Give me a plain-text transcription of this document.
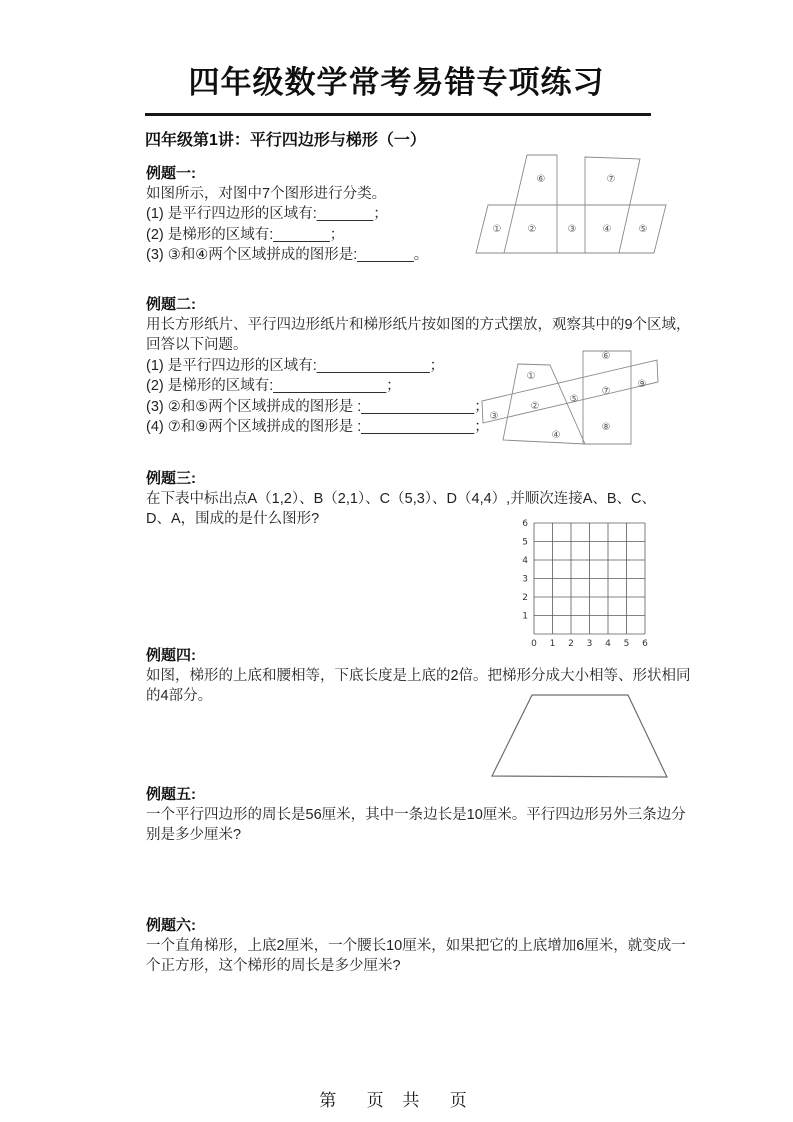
四年级数学常考易错专项练习
四年级第1讲：平行四边形与梯形（一）
例题一:
如图所示，对图中7个图形进行分类。
(1) 是平行四边形的区域有:_______；
(2) 是梯形的区域有:_______；
(3) ③和④两个区域拼成的图形是:_______。
①	②	③	④	⑤
⑥	⑦
例题二:
用长方形纸片、平行四边形纸片和梯形纸片按如图的方式摆放，观察其中的9个区域，
回答以下问题。
(1) 是平行四边形的区域有:______________；
(2) 是梯形的区域有:______________；
(3) ②和⑤两个区域拼成的图形是 :______________；
(4) ⑦和⑨两个区域拼成的图形是 :______________；
①
②
③
④
⑤
⑥
⑦
⑧
⑨
例题三:
在下表中标出点A（1,2）、B（2,1）、C（5,3）、D（4,4）,并顺次连接A、B、C、
D、A，围成的是什么图形?	6
5
4
3
2
1
0 1 2 3 4 5 6
例题四:
如图，梯形的上底和腰相等，下底长度是上底的2倍。把梯形分成大小相等、形状相同
的4部分。
例题五:
一个平行四边形的周长是56厘米，其中一条边长是10厘米。平行四边形另外三条边分
别是多少厘米?
例题六:
一个直角梯形，上底2厘米，一个腰长10厘米，如果把它的上底增加6厘米，就变成一
个正方形，这个梯形的周长是多少厘米?
第  页 共  页
